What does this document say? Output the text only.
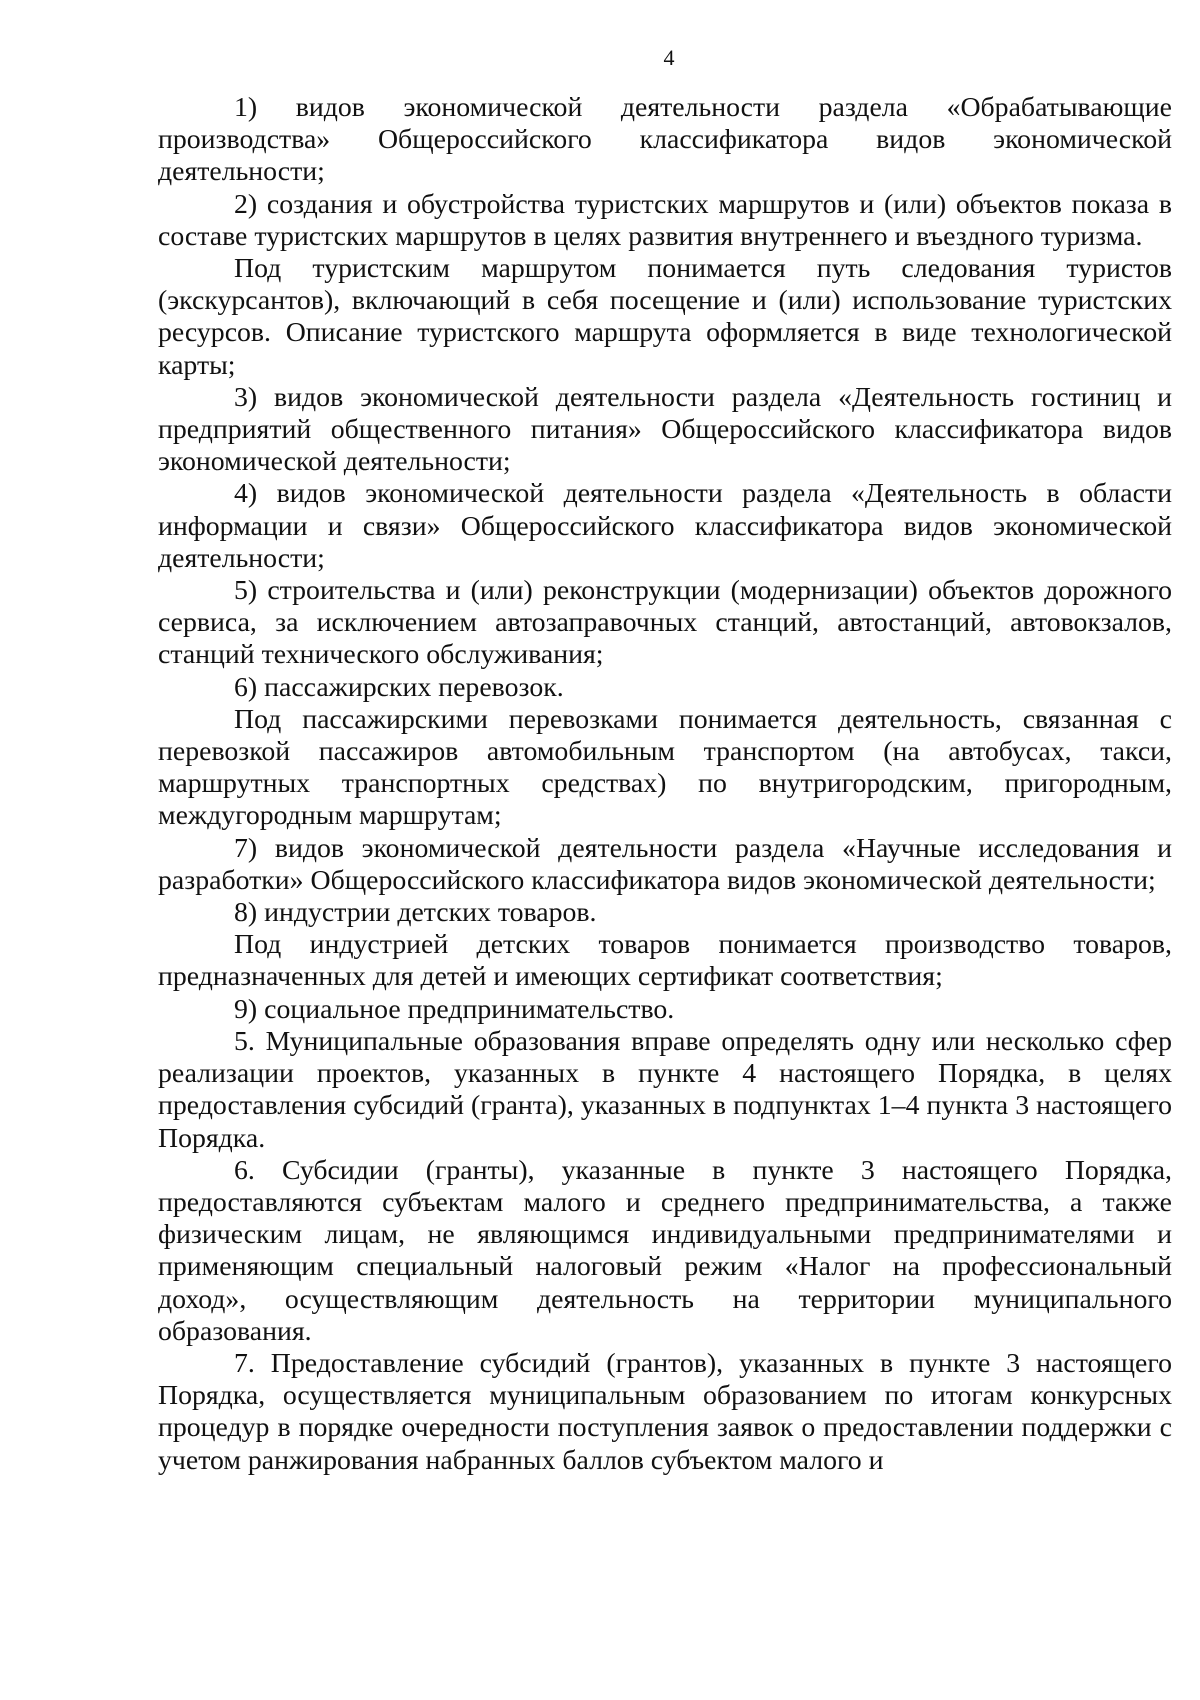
4

1) видов экономической деятельности раздела «Обрабатывающие производства» Общероссийского классификатора видов экономической деятельности;

2) создания и обустройства туристских маршрутов и (или) объектов показа в составе туристских маршрутов в целях развития внутреннего и въездного туризма.

Под туристским маршрутом понимается путь следования туристов (экскурсантов), включающий в себя посещение и (или) использование туристских ресурсов. Описание туристского маршрута оформляется в виде технологической карты;

3) видов экономической деятельности раздела «Деятельность гостиниц и предприятий общественного питания» Общероссийского классификатора видов экономической деятельности;

4) видов экономической деятельности раздела «Деятельность в области информации и связи» Общероссийского классификатора видов экономической деятельности;

5) строительства и (или) реконструкции (модернизации) объектов дорожного сервиса, за исключением автозаправочных станций, автостанций, автовокзалов, станций технического обслуживания;

6) пассажирских перевозок.

Под пассажирскими перевозками понимается деятельность, связанная с перевозкой пассажиров автомобильным транспортом (на автобусах, такси, маршрутных транспортных средствах) по внутригородским, пригородным, междугородным маршрутам;

7) видов экономической деятельности раздела «Научные исследования и разработки» Общероссийского классификатора видов экономической деятельности;

8) индустрии детских товаров.

Под индустрией детских товаров понимается производство товаров, предназначенных для детей и имеющих сертификат соответствия;

9) социальное предпринимательство.

5. Муниципальные образования вправе определять одну или несколько сфер реализации проектов, указанных в пункте 4 настоящего Порядка, в целях предоставления субсидий (гранта), указанных в подпунктах 1–4 пункта 3 настоящего Порядка.

6. Субсидии (гранты), указанные в пункте 3 настоящего Порядка, предоставляются субъектам малого и среднего предпринимательства, а также физическим лицам, не являющимся индивидуальными предпринимателями и применяющим специальный налоговый режим «Налог на профессиональный доход», осуществляющим деятельность на территории муниципального образования.

7. Предоставление субсидий (грантов), указанных в пункте 3 настоящего Порядка, осуществляется муниципальным образованием по итогам конкурсных процедур в порядке очередности поступления заявок о предоставлении поддержки с учетом ранжирования набранных баллов субъектом малого и
